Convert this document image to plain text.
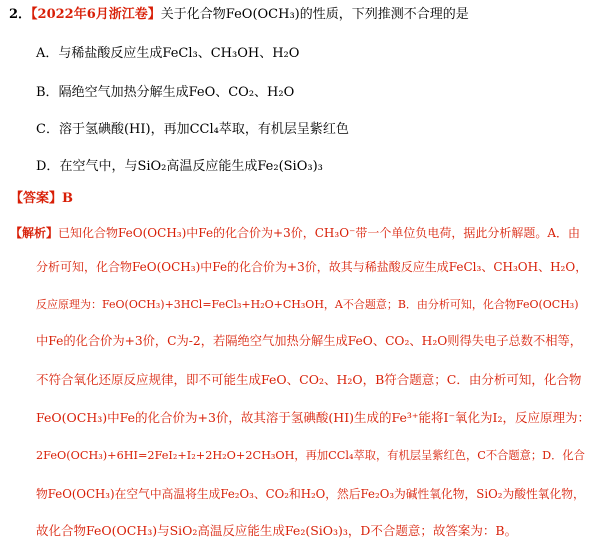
2．【2022年6月浙江卷】关于化合物FeO(OCH₃)的性质，下列推测不合理的是
A．与稀盐酸反应生成FeCl₃、CH₃OH、H₂O
B．隔绝空气加热分解生成FeO、CO₂、H₂O
C．溶于氢碘酸(HI)，再加CCl₄萃取，有机层呈紫红色
D．在空气中，与SiO₂高温反应能生成Fe₂(SiO₃)₃
【答案】B
【解析】已知化合物FeO(OCH₃)中Fe的化合价为+3价，CH₃O⁻带一个单位负电荷，据此分析解题。A．由
分析可知，化合物FeO(OCH₃)中Fe的化合价为+3价，故其与稀盐酸反应生成FeCl₃、CH₃OH、H₂O，
反应原理为：FeO(OCH₃)+3HCl=FeCl₃+H₂O+CH₃OH，A不合题意；B．由分析可知，化合物FeO(OCH₃)
中Fe的化合价为+3价，C为-2，若隔绝空气加热分解生成FeO、CO₂、H₂O则得失电子总数不相等，
不符合氧化还原反应规律，即不可能生成FeO、CO₂、H₂O，B符合题意；C．由分析可知，化合物
FeO(OCH₃)中Fe的化合价为+3价，故其溶于氢碘酸(HI)生成的Fe³⁺能将I⁻氧化为I₂，反应原理为：
2FeO(OCH₃)+6HI=2FeI₂+I₂+2H₂O+2CH₃OH，再加CCl₄萃取，有机层呈紫红色，C不合题意；D．化合
物FeO(OCH₃)在空气中高温将生成Fe₂O₃、CO₂和H₂O，然后Fe₂O₃为碱性氧化物，SiO₂为酸性氧化物，
故化合物FeO(OCH₃)与SiO₂高温反应能生成Fe₂(SiO₃)₃，D不合题意；故答案为：B。
